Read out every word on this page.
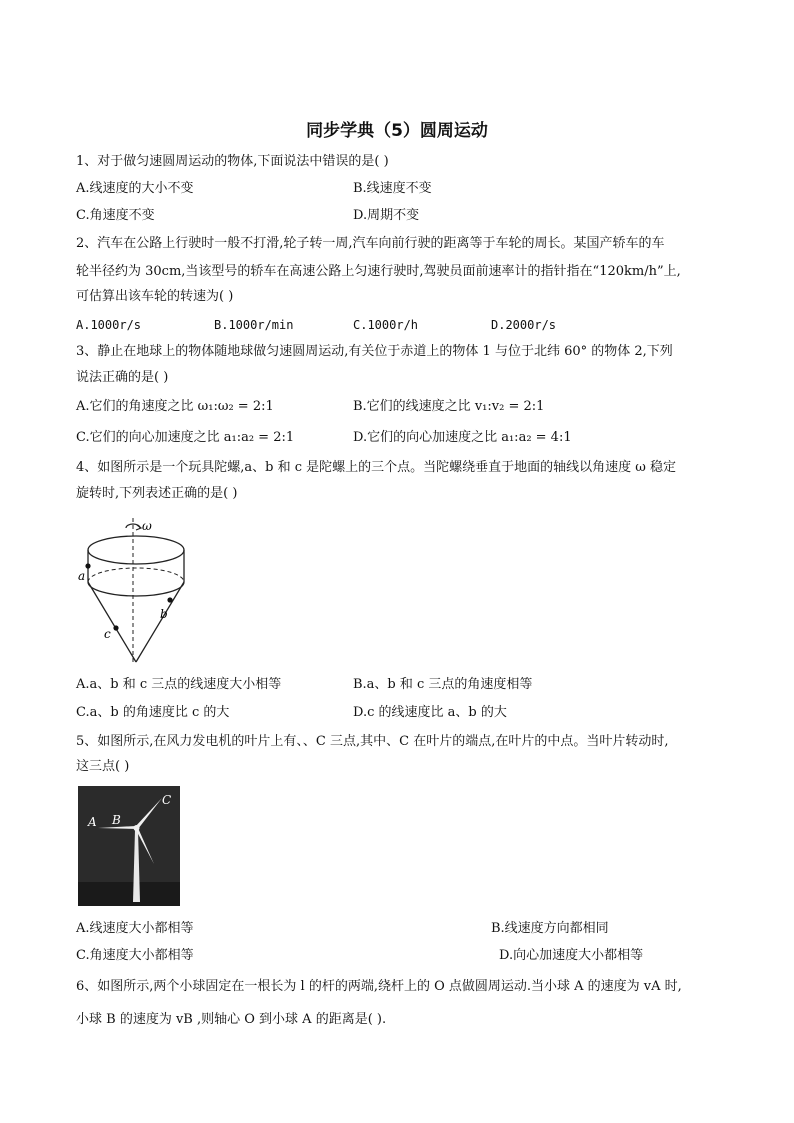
同步学典（5）圆周运动
1、对于做匀速圆周运动的物体,下面说法中错误的是( )
A.线速度的大小不变	B.线速度不变
C.角速度不变	D.周期不变
2、汽车在公路上行驶时一般不打滑,轮子转一周,汽车向前行驶的距离等于车轮的周长。某国产轿车的车
轮半径约为 30cm,当该型号的轿车在高速公路上匀速行驶时,驾驶员面前速率计的指针指在“120km/h”上,
可估算出该车轮的转速为( )
A.1000r/s	B.1000r/min	C.1000r/h	D.2000r/s
3、静止在地球上的物体随地球做匀速圆周运动,有关位于赤道上的物体 1 与位于北纬 60° 的物体 2,下列
说法正确的是( )
A.它们的角速度之比 ω₁:ω₂ = 2:1	B.它们的线速度之比 v₁:v₂ = 2:1
C.它们的向心加速度之比 a₁:a₂ = 2:1	D.它们的向心加速度之比 a₁:a₂ = 4:1
4、如图所示是一个玩具陀螺,a、b 和 c 是陀螺上的三个点。当陀螺绕垂直于地面的轴线以角速度 ω 稳定
旋转时,下列表述正确的是( )
ω
a
b
c
A.a、b 和 c 三点的线速度大小相等	B.a、b 和 c 三点的角速度相等
C.a、b 的角速度比 c 的大	D.c 的线速度比 a、b 的大
5、如图所示,在风力发电机的叶片上有、、C 三点,其中、C 在叶片的端点,在叶片的中点。当叶片转动时,
这三点( )
A B
C
A.线速度大小都相等	B.线速度方向都相同
C.角速度大小都相等	D.向心加速度大小都相等
6、如图所示,两个小球固定在一根长为 l 的杆的两端,绕杆上的 O 点做圆周运动.当小球 A 的速度为 vA 时,
小球 B 的速度为 vB ,则轴心 O 到小球 A 的距离是( ).
